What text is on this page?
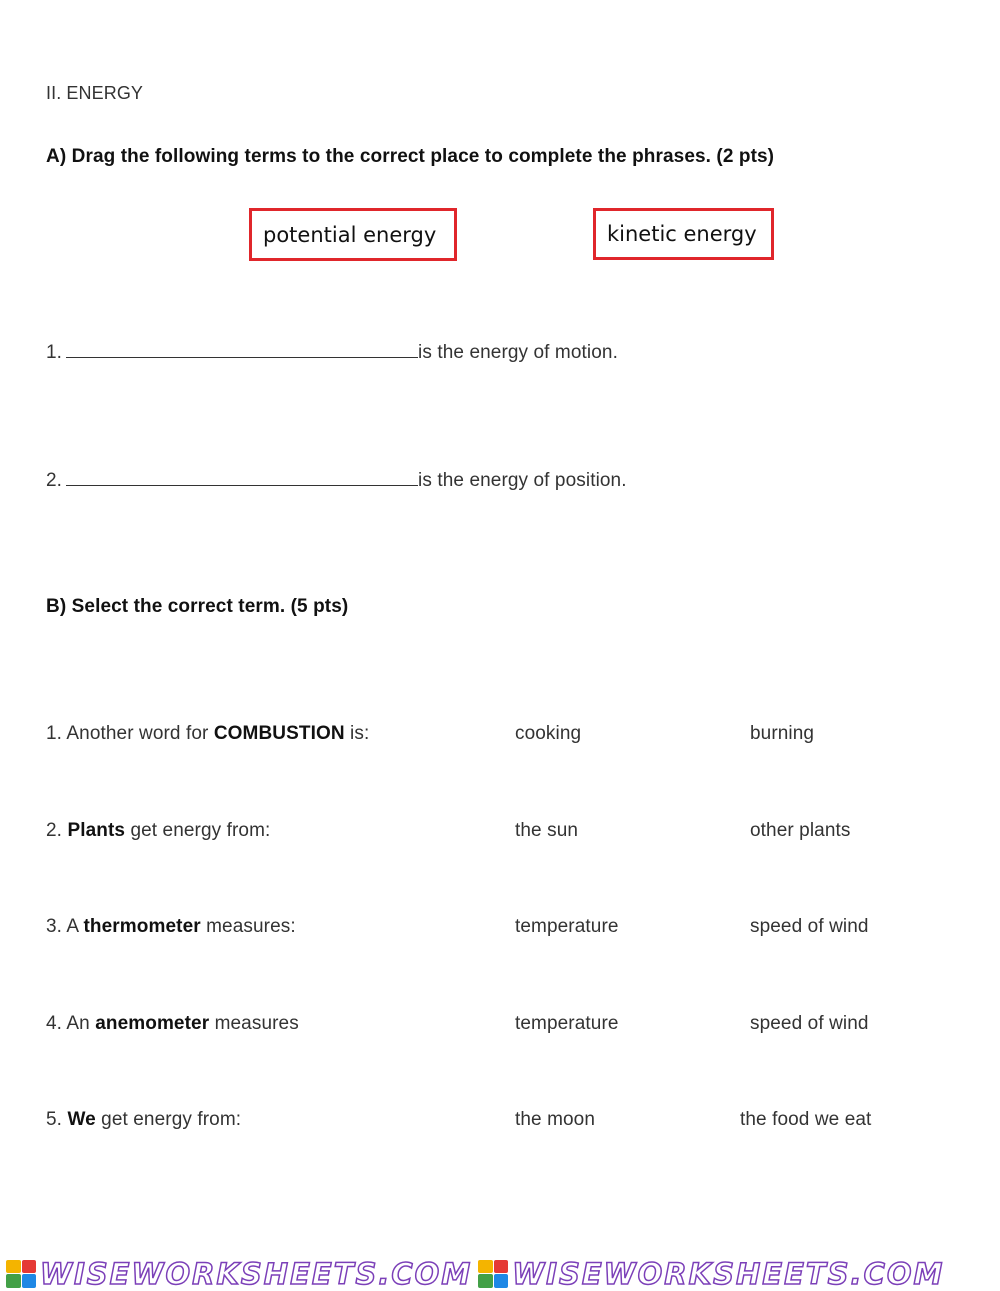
II. ENERGY
A) Drag the following terms to the correct place to complete the phrases. (2 pts)
potential energy	kinetic energy
1.	is the energy of motion.
2.	is the energy of position.
B) Select the correct term. (5 pts)
1. Another word for COMBUSTION is:	cooking	burning
2. Plants get energy from:	the sun	other plants
3. A thermometer measures:	temperature	speed of wind
4. An anemometer measures	temperature	speed of wind
5. We get energy from:	the moon	the food we eat
WISEWORKSHEETS.COM WISEWORKSHEETS.COM
